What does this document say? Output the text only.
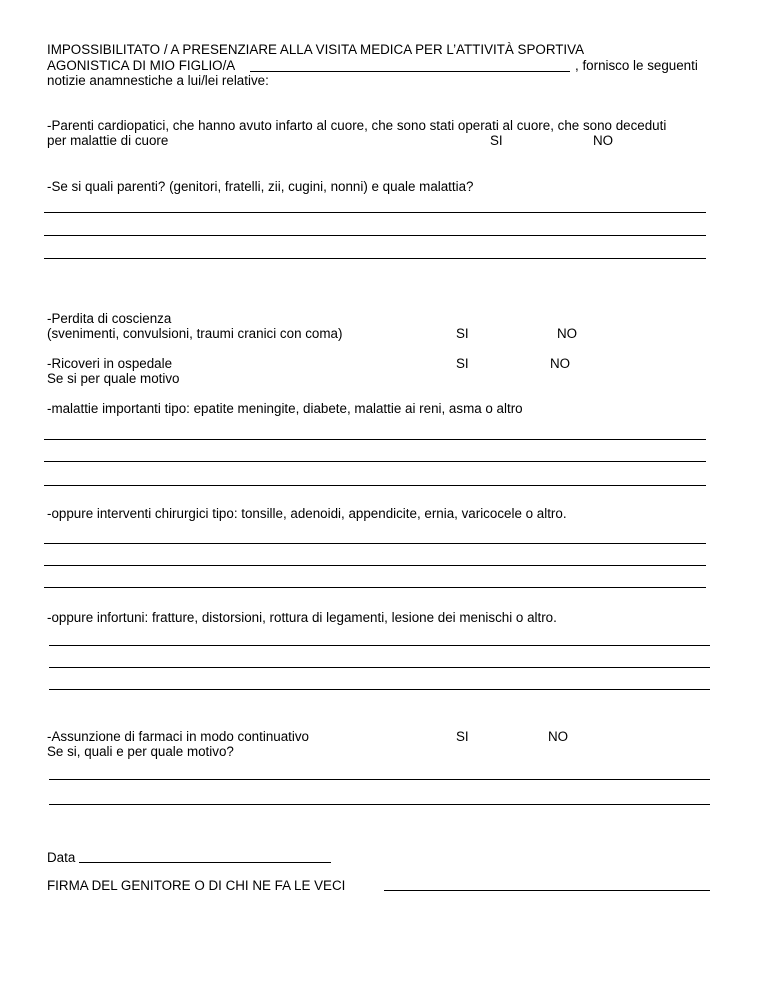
IMPOSSIBILITATO / A PRESENZIARE ALLA VISITA MEDICA PER L’ATTIVITÀ SPORTIVA
AGONISTICA DI MIO FIGLIO/A	, fornisco le seguenti
notizie anamnestiche a lui/lei relative:
-Parenti cardiopatici, che hanno avuto infarto al cuore, che sono stati operati al cuore, che sono deceduti
per malattie di cuore	SI	NO
-Se si quali parenti? (genitori, fratelli, zii, cugini, nonni) e quale malattia?
-Perdita di coscienza
(svenimenti, convulsioni, traumi cranici con coma)	SI	NO
-Ricoveri in ospedale
Se si per quale motivo
SI	NO
-malattie importanti tipo: epatite meningite, diabete, malattie ai reni, asma o altro
-oppure interventi chirurgici tipo: tonsille, adenoidi, appendicite, ernia, varicocele o altro.
-oppure infortuni: fratture, distorsioni, rottura di legamenti, lesione dei menischi o altro.
-Assunzione di farmaci in modo continuativo
Se si, quali e per quale motivo?
SI	NO
Data
FIRMA DEL GENITORE O DI CHI NE FA LE VECI
